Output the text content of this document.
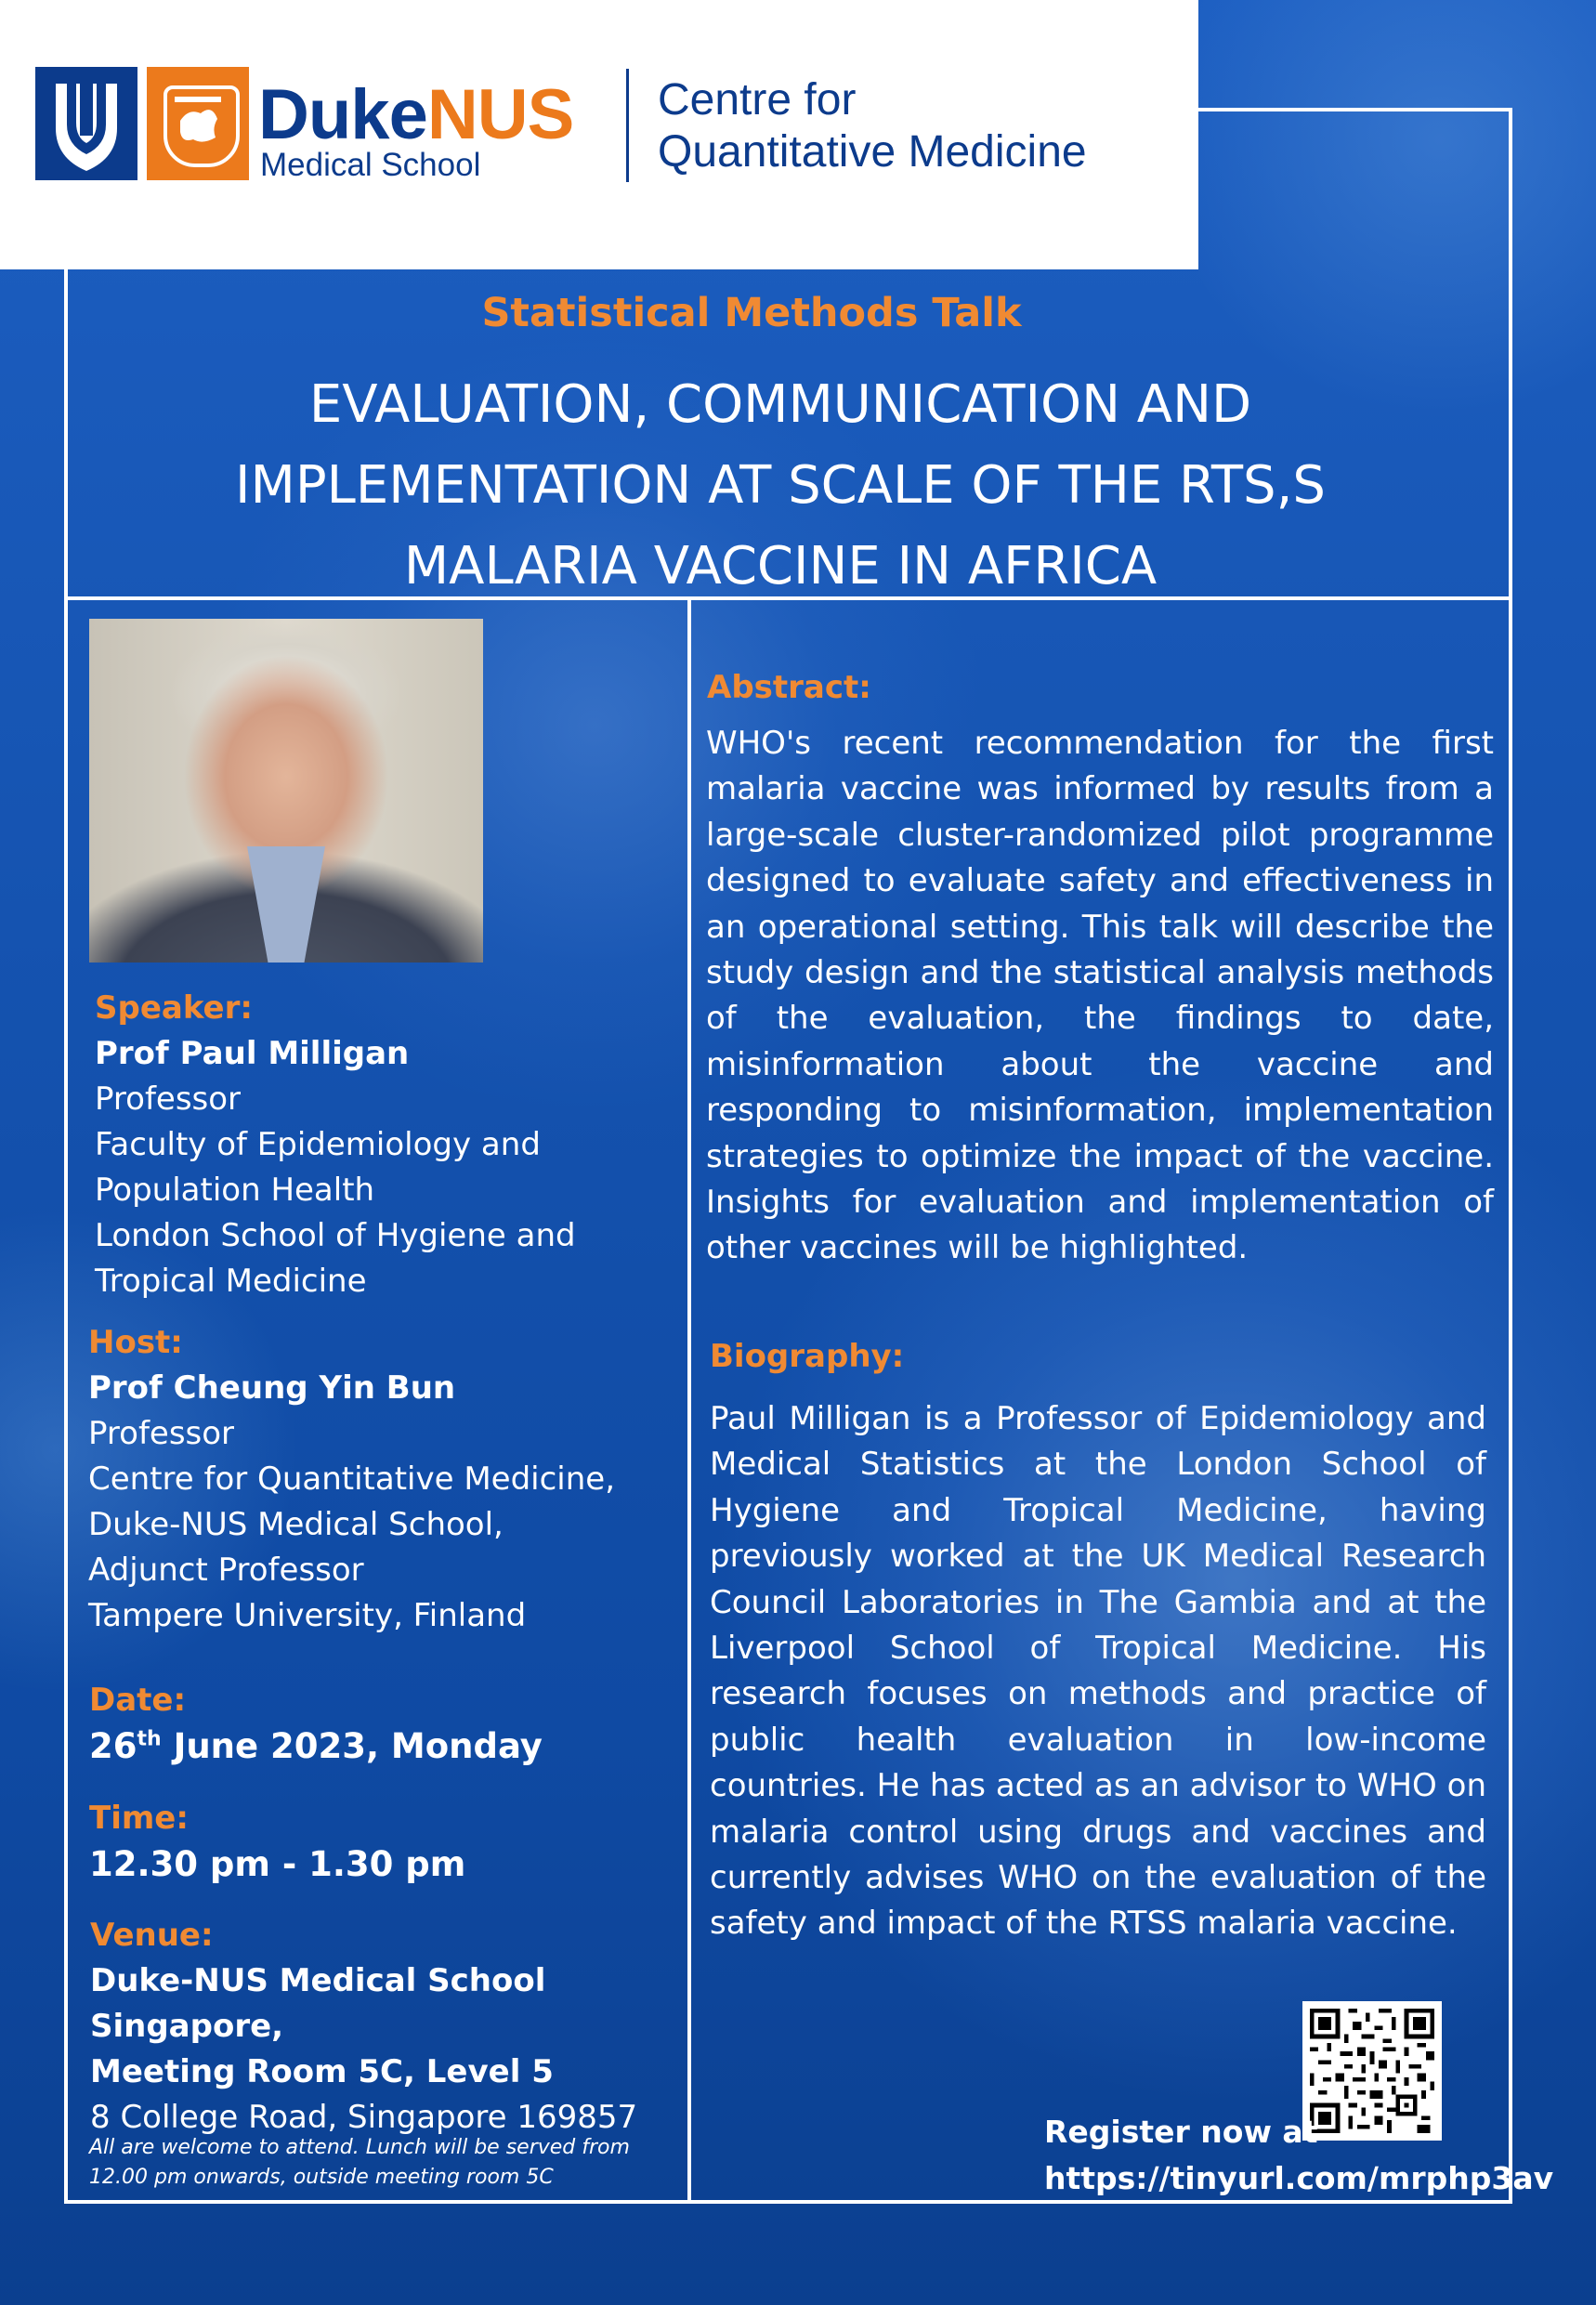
DukeNUS
Medical School
Centre for
Quantitative Medicine
Statistical Methods Talk
EVALUATION, COMMUNICATION AND
IMPLEMENTATION AT SCALE OF THE RTS,S
MALARIA VACCINE IN AFRICA
Speaker:
Prof Paul Milligan
Professor
Faculty of Epidemiology and
Population Health
London School of Hygiene and
Tropical Medicine
Host:
Prof Cheung Yin Bun
Professor
Centre for Quantitative Medicine,
Duke-NUS Medical School,
Adjunct Professor
Tampere University, Finland
Date:
26th June 2023, Monday
Time:
12.30 pm - 1.30 pm
Venue:
Duke-NUS Medical School Singapore,
Meeting Room 5C, Level 5
8 College Road, Singapore 169857
All are welcome to attend. Lunch will be served from
12.00 pm onwards, outside meeting room 5C
Abstract:
WHO's recent recommendation for the first malaria vaccine was informed by results from a large-scale cluster-randomized pilot programme designed to evaluate safety and effectiveness in an operational setting. This talk will describe the study design and the statistical analysis methods of the evaluation, the findings to date, misinformation about the vaccine and responding to misinformation, implementation strategies to optimize the impact of the vaccine. Insights for evaluation and implementation of other vaccines will be highlighted.
Biography:
Paul Milligan is a Professor of Epidemiology and Medical Statistics at the London School of Hygiene and Tropical Medicine, having previously worked at the UK Medical Research Council Laboratories in The Gambia and at the Liverpool School of Tropical Medicine. His research focuses on methods and practice of public health evaluation in low-income countries. He has acted as an advisor to WHO on malaria control using drugs and vaccines and currently advises WHO on the evaluation of the safety and impact of the RTSS malaria vaccine.
Register now at
https://tinyurl.com/mrphp3av
